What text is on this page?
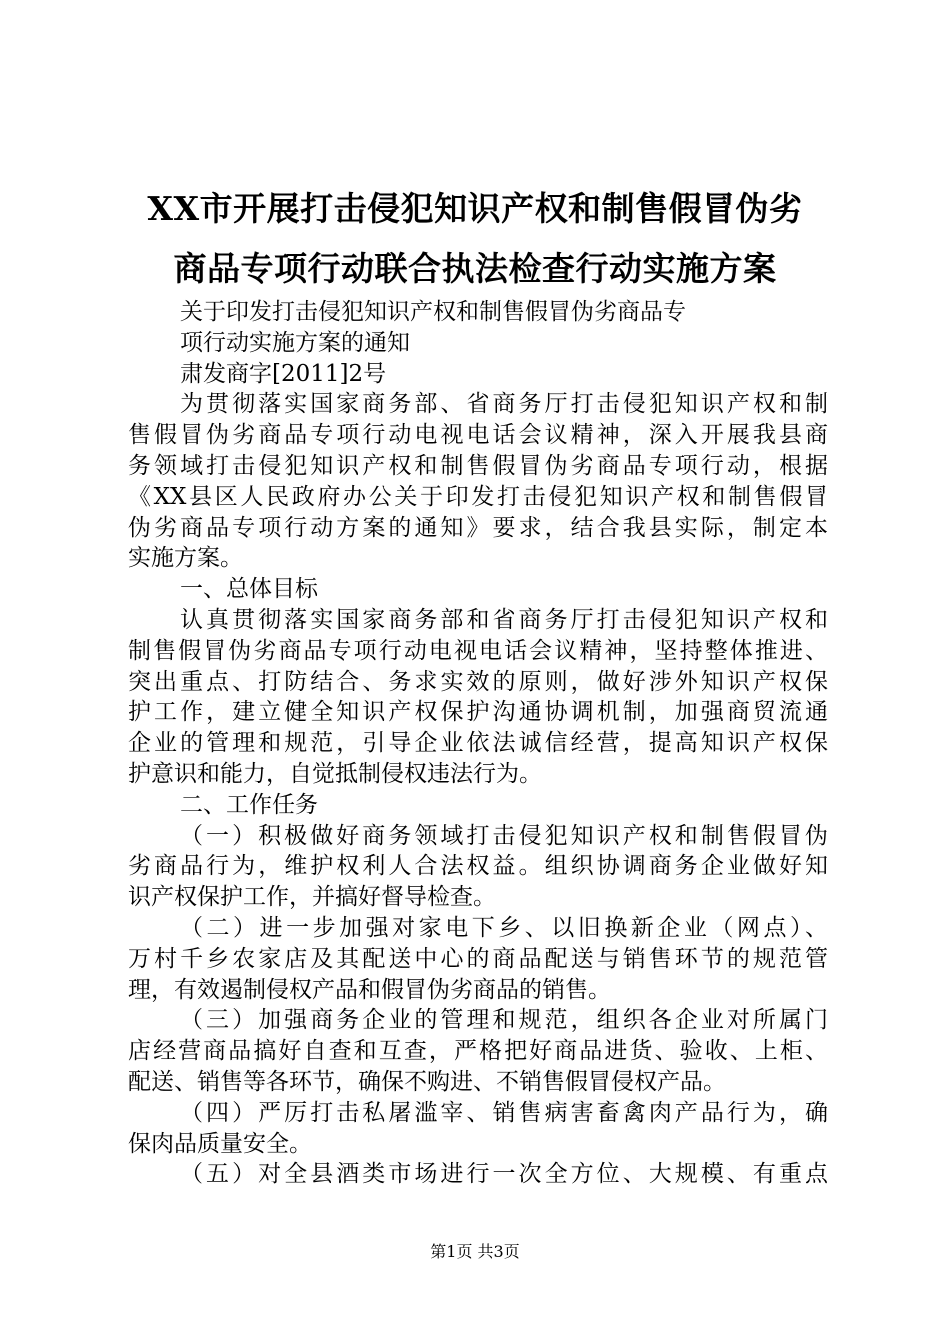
XX市开展打击侵犯知识产权和制售假冒伪劣
商品专项行动联合执法检查行动实施方案
关于印发打击侵犯知识产权和制售假冒伪劣商品专
项行动实施方案的通知
肃发商字[2011]2号
为贯彻落实国家商务部、省商务厅打击侵犯知识产权和制
售假冒伪劣商品专项行动电视电话会议精神，深入开展我县商
务领域打击侵犯知识产权和制售假冒伪劣商品专项行动，根据
《XX县区人民政府办公关于印发打击侵犯知识产权和制售假冒
伪劣商品专项行动方案的通知》要求，结合我县实际，制定本
实施方案。
一、总体目标
认真贯彻落实国家商务部和省商务厅打击侵犯知识产权和
制售假冒伪劣商品专项行动电视电话会议精神，坚持整体推进、
突出重点、打防结合、务求实效的原则，做好涉外知识产权保
护工作，建立健全知识产权保护沟通协调机制，加强商贸流通
企业的管理和规范，引导企业依法诚信经营，提高知识产权保
护意识和能力，自觉抵制侵权违法行为。
二、工作任务
（一）积极做好商务领域打击侵犯知识产权和制售假冒伪
劣商品行为，维护权利人合法权益。组织协调商务企业做好知
识产权保护工作，并搞好督导检查。
（二）进一步加强对家电下乡、以旧换新企业（网点）、
万村千乡农家店及其配送中心的商品配送与销售环节的规范管
理，有效遏制侵权产品和假冒伪劣商品的销售。
（三）加强商务企业的管理和规范，组织各企业对所属门
店经营商品搞好自查和互查，严格把好商品进货、验收、上柜、
配送、销售等各环节，确保不购进、不销售假冒侵权产品。
（四）严厉打击私屠滥宰、销售病害畜禽肉产品行为，确
保肉品质量安全。
（五）对全县酒类市场进行一次全方位、大规模、有重点
第1页 共3页
